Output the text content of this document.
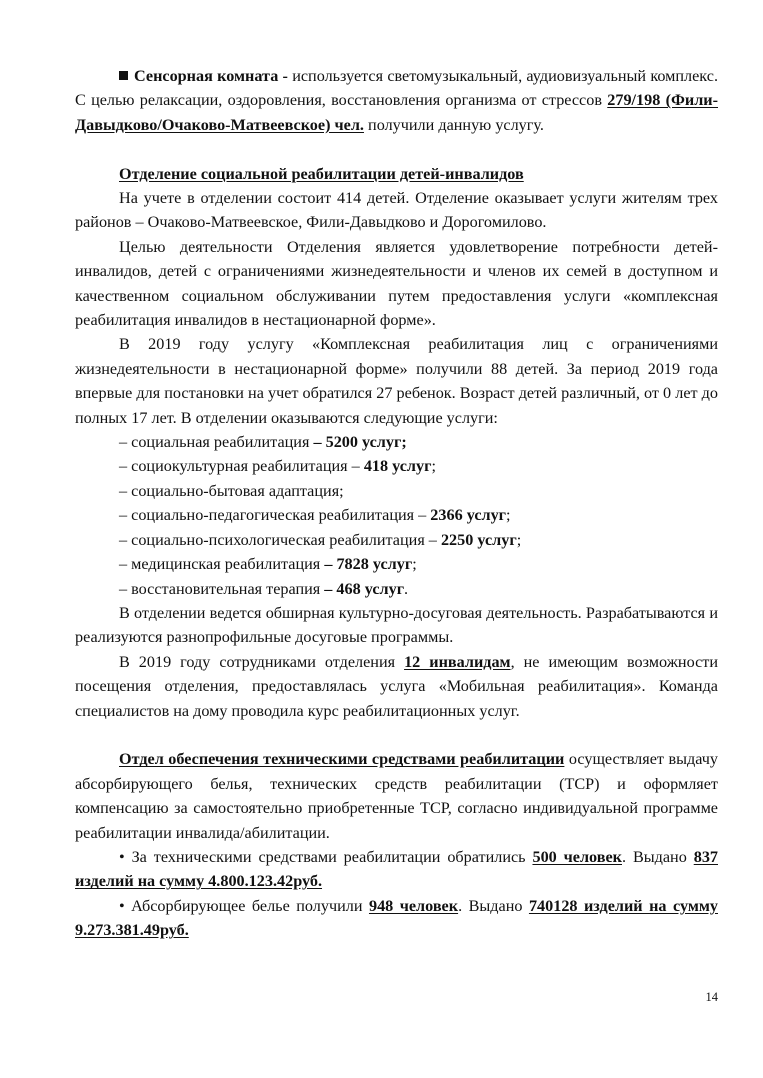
Сенсорная комната - используется светомузыкальный, аудиовизуальный комплекс. С целью релаксации, оздоровления, восстановления организма от стрессов 279/198 (Фили-Давыдково/Очаково-Матвеевское) чел. получили данную услугу.

Отделение социальной реабилитации детей-инвалидов

На учете в отделении состоит 414 детей. Отделение оказывает услуги жителям трех районов – Очаково-Матвеевское, Фили-Давыдково и Дорогомилово.

Целью деятельности Отделения является удовлетворение потребности детей-инвалидов, детей с ограничениями жизнедеятельности и членов их семей в доступном и качественном социальном обслуживании путем предоставления услуги «комплексная реабилитация инвалидов в нестационарной форме».

В 2019 году услугу «Комплексная реабилитация лиц с ограничениями жизнедеятельности в нестационарной форме» получили 88 детей. За период 2019 года впервые для постановки на учет обратился 27 ребенок. Возраст детей различный, от 0 лет до полных 17 лет. В отделении оказываются следующие услуги:

– социальная реабилитация – 5200 услуг;

– социокультурная реабилитация – 418 услуг;

– социально-бытовая адаптация;

– социально-педагогическая реабилитация – 2366 услуг;

– социально-психологическая реабилитация – 2250 услуг;

– медицинская реабилитация – 7828 услуг;

– восстановительная терапия – 468 услуг.

В отделении ведется обширная культурно-досуговая деятельность. Разрабатываются и реализуются разнопрофильные досуговые программы.

В 2019 году сотрудниками отделения 12 инвалидам, не имеющим возможности посещения отделения, предоставлялась услуга «Мобильная реабилитация». Команда специалистов на дому проводила курс реабилитационных услуг.

Отдел обеспечения техническими средствами реабилитации осуществляет выдачу абсорбирующего белья, технических средств реабилитации (ТСР) и оформляет компенсацию за самостоятельно приобретенные ТСР, согласно индивидуальной программе реабилитации инвалида/абилитации.

• За техническими средствами реабилитации обратились 500 человек. Выдано 837 изделий на сумму 4.800.123.42руб.

• Абсорбирующее белье получили 948 человек. Выдано 740128 изделий на сумму 9.273.381.49руб.

14
